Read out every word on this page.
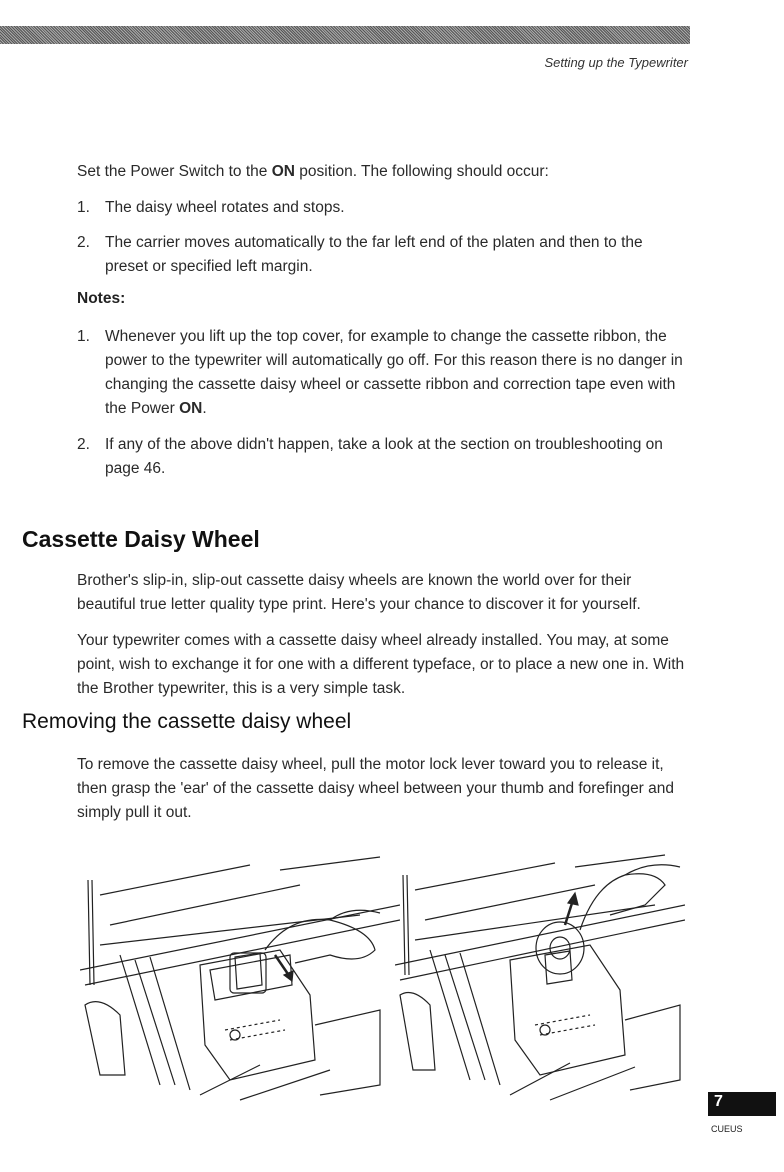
Setting up the Typewriter

Set the Power Switch to the ON position. The following should occur:

1. The daisy wheel rotates and stops.
2. The carrier moves automatically to the far left end of the platen and then to the preset or specified left margin.
Notes:
1. Whenever you lift up the top cover, for example to change the cassette ribbon, the power to the typewriter will automatically go off. For this reason there is no danger in changing the cassette daisy wheel or cassette ribbon and correction tape even with the Power ON.
2. If any of the above didn't happen, take a look at the section on troubleshooting on page 46.
Cassette Daisy Wheel

Brother's slip-in, slip-out cassette daisy wheels are known the world over for their beautiful true letter quality type print. Here's your chance to discover it for yourself.

Your typewriter comes with a cassette daisy wheel already installed. You may, at some point, wish to exchange it for one with a different typeface, or to place a new one in. With the Brother typewriter, this is a very simple task.

Removing the cassette daisy wheel

To remove the cassette daisy wheel, pull the motor lock lever toward you to release it, then grasp the 'ear' of the cassette daisy wheel between your thumb and forefinger and simply pull it out.

7
CUEUS
